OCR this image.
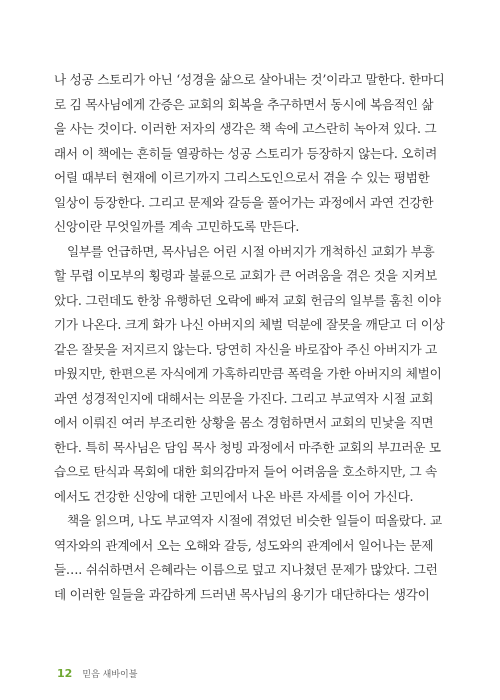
나 성공 스토리가 아닌 ‘성경을 삶으로 살아내는 것’이라고 말한다. 한마디
로 김 목사님에게 간증은 교회의 회복을 추구하면서 동시에 복음적인 삶
을 사는 것이다. 이러한 저자의 생각은 책 속에 고스란히 녹아져 있다. 그
래서 이 책에는 흔히들 열광하는 성공 스토리가 등장하지 않는다. 오히려
어릴 때부터 현재에 이르기까지 그리스도인으로서 겪을 수 있는 평범한
일상이 등장한다. 그리고 문제와 갈등을 풀어가는 과정에서 과연 건강한
신앙이란 무엇일까를 계속 고민하도록 만든다.
일부를 언급하면, 목사님은 어린 시절 아버지가 개척하신 교회가 부흥
할 무렵 이모부의 횡령과 불륜으로 교회가 큰 어려움을 겪은 것을 지켜보
았다. 그런데도 한창 유행하던 오락에 빠져 교회 헌금의 일부를 훔친 이야
기가 나온다. 크게 화가 나신 아버지의 체벌 덕분에 잘못을 깨닫고 더 이상
같은 잘못을 저지르지 않는다. 당연히 자신을 바로잡아 주신 아버지가 고
마웠지만, 한편으론 자식에게 가혹하리만큼 폭력을 가한 아버지의 체벌이
과연 성경적인지에 대해서는 의문을 가진다. 그리고 부교역자 시절 교회
에서 이뤄진 여러 부조리한 상황을 몸소 경험하면서 교회의 민낯을 직면
한다. 특히 목사님은 담임 목사 청빙 과정에서 마주한 교회의 부끄러운 모
습으로 탄식과 목회에 대한 회의감마저 들어 어려움을 호소하지만, 그 속
에서도 건강한 신앙에 대한 고민에서 나온 바른 자세를 이어 가신다.
책을 읽으며, 나도 부교역자 시절에 겪었던 비슷한 일들이 떠올랐다. 교
역자와의 관계에서 오는 오해와 갈등, 성도와의 관계에서 일어나는 문제
들…. 쉬쉬하면서 은혜라는 이름으로 덮고 지나쳤던 문제가 많았다. 그런
데 이러한 일들을 과감하게 드러낸 목사님의 용기가 대단하다는 생각이
12 믿음 새바이블
